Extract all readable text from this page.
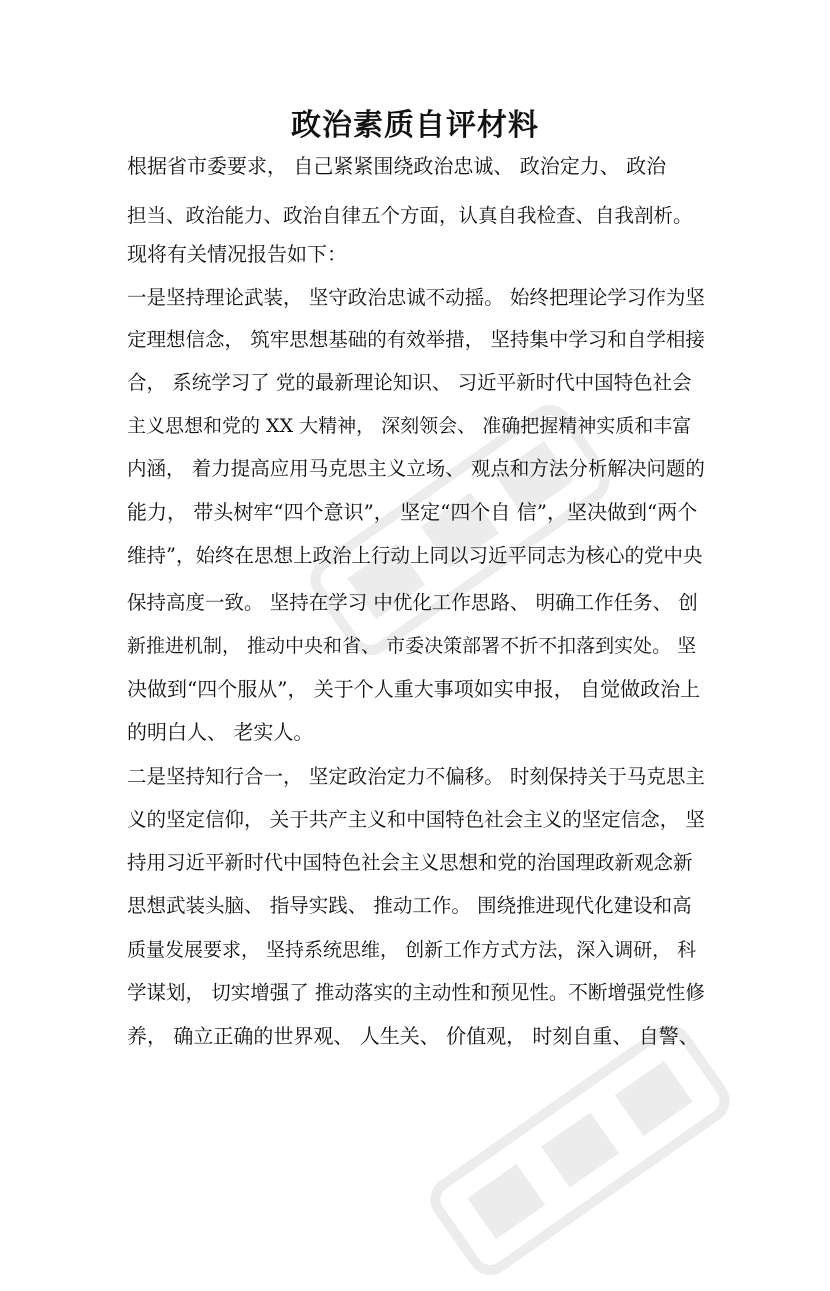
政治素质自评材料

根据省市委要求， 自己紧紧围绕政治忠诚、 政治定力、 政治

担当、政治能力、政治自律五个方面，认真自我检查、自我剖析。

现将有关情况报告如下：

一是坚持理论武装， 坚守政治忠诚不动摇。 始终把理论学习作为坚

定理想信念， 筑牢思想基础的有效举措， 坚持集中学习和自学相接

合， 系统学习了 党的最新理论知识、 习近平新时代中国特色社会

主义思想和党的 XX 大精神， 深刻领会、 准确把握精神实质和丰富

内涵， 着力提高应用马克思主义立场、 观点和方法分析解决问题的

能力， 带头树牢“四个意识”， 坚定“四个自 信”，坚决做到“两个

维持”，始终在思想上政治上行动上同以习近平同志为核心的党中央

保持高度一致。 坚持在学习 中优化工作思路、 明确工作任务、 创

新推进机制， 推动中央和省、 市委决策部署不折不扣落到实处。 坚

决做到“四个服从”， 关于个人重大事项如实申报， 自觉做政治上

的明白人、 老实人。

二是坚持知行合一， 坚定政治定力不偏移。 时刻保持关于马克思主

义的坚定信仰， 关于共产主义和中国特色社会主义的坚定信念， 坚

持用习近平新时代中国特色社会主义思想和党的治国理政新观念新

思想武装头脑、 指导实践、 推动工作。 围绕推进现代化建设和高

质量发展要求， 坚持系统思维， 创新工作方式方法，深入调研， 科

学谋划， 切实增强了 推动落实的主动性和预见性。不断增强党性修

养， 确立正确的世界观、 人生关、 价值观， 时刻自重、 自警、
